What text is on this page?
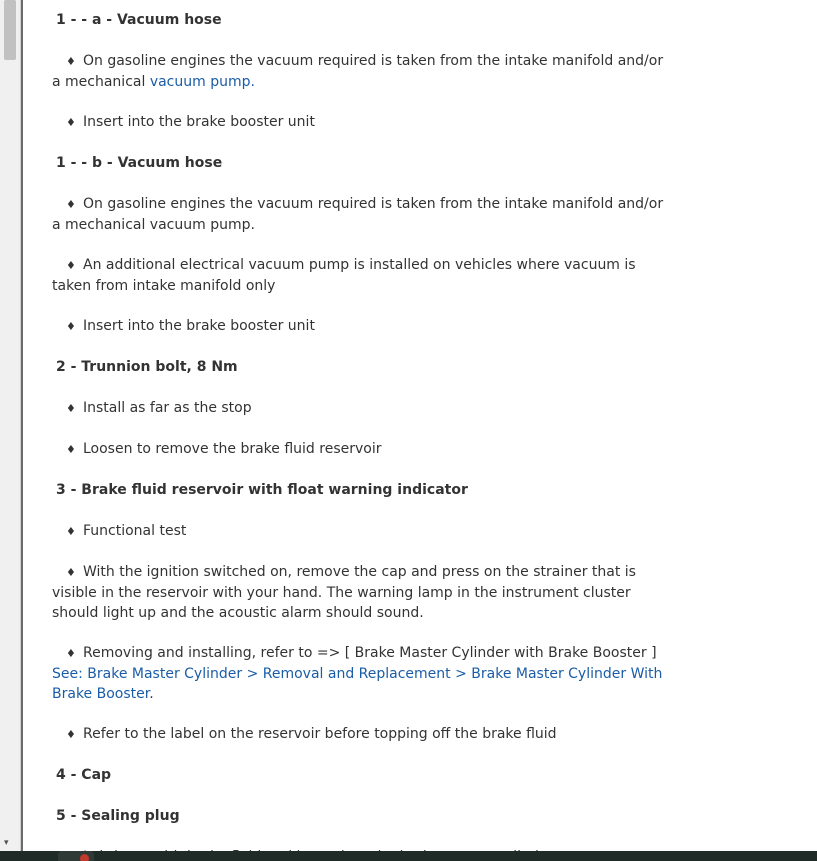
▾

1 - - a - Vacuum hose

♦ On gasoline engines the vacuum required is taken from the intake manifold and/or a mechanical vacuum pump.

♦ Insert into the brake booster unit

1 - - b - Vacuum hose

♦ On gasoline engines the vacuum required is taken from the intake manifold and/or a mechanical vacuum pump.

♦ An additional electrical vacuum pump is installed on vehicles where vacuum is taken from intake manifold only

♦ Insert into the brake booster unit

2 - Trunnion bolt, 8 Nm

♦ Install as far as the stop

♦ Loosen to remove the brake fluid reservoir

3 - Brake fluid reservoir with float warning indicator

♦ Functional test

♦ With the ignition switched on, remove the cap and press on the strainer that is visible in the reservoir with your hand. The warning lamp in the instrument cluster should light up and the acoustic alarm should sound.

♦ Removing and installing, refer to => [ Brake Master Cylinder with Brake Booster ] See: Brake Master Cylinder > Removal and Replacement > Brake Master Cylinder With Brake Booster.

♦ Refer to the label on the reservoir before topping off the brake fluid

4 - Cap

5 - Sealing plug
